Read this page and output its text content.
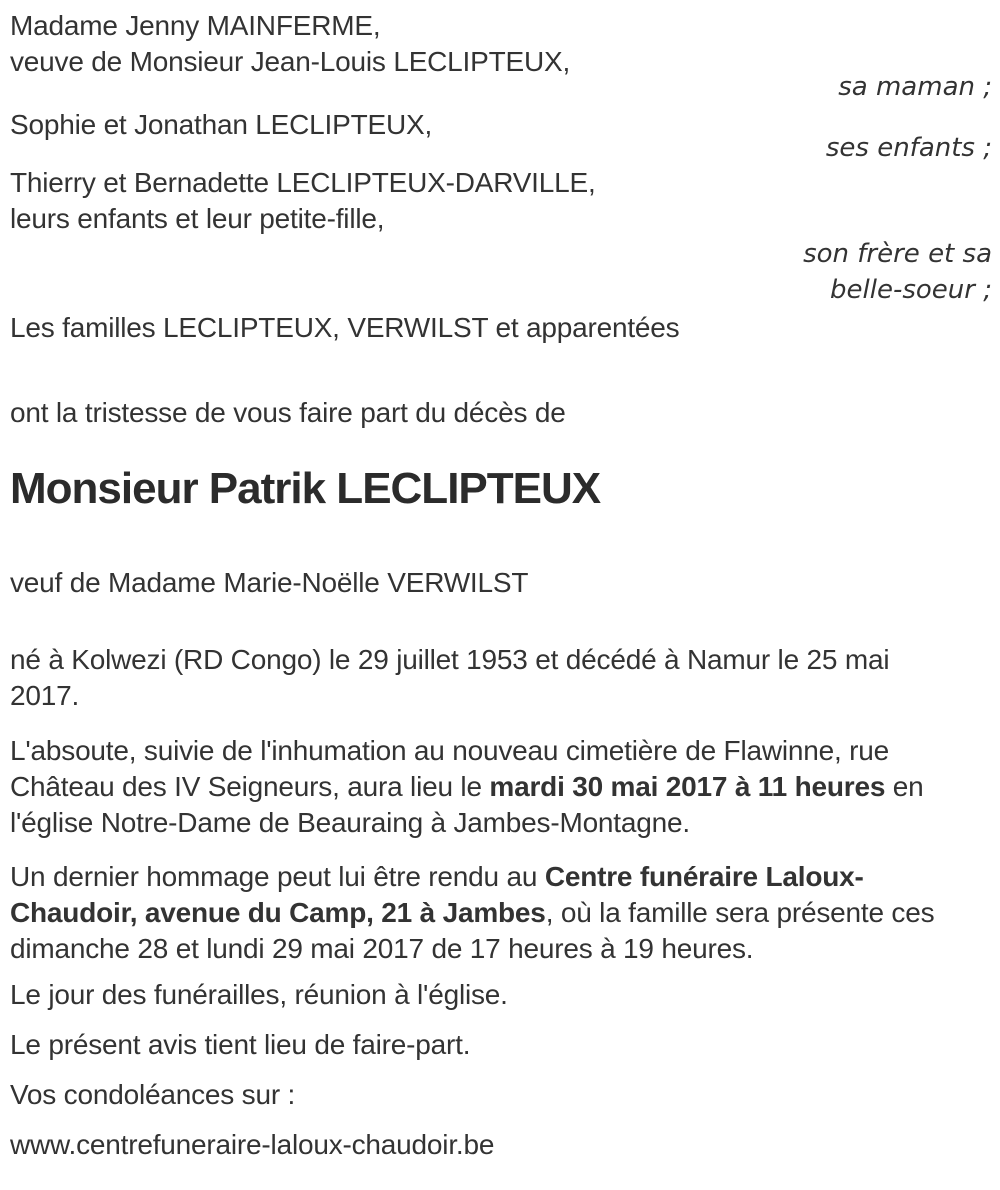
Madame Jenny MAINFERME,
veuve de Monsieur Jean-Louis LECLIPTEUX,
sa maman ;
Sophie et Jonathan LECLIPTEUX,
ses enfants ;
Thierry et Bernadette LECLIPTEUX-DARVILLE,
leurs enfants et leur petite-fille,
son frère et sa
belle-soeur ;
Les familles LECLIPTEUX, VERWILST et apparentées
ont la tristesse de vous faire part du décès de
Monsieur Patrik LECLIPTEUX
veuf de Madame Marie-Noëlle VERWILST
né à Kolwezi (RD Congo) le 29 juillet 1953 et décédé à Namur le 25 mai
2017.
L'absoute, suivie de l'inhumation au nouveau cimetière de Flawinne, rue
Château des IV Seigneurs, aura lieu le mardi 30 mai 2017 à 11 heures en
l'église Notre-Dame de Beauraing à Jambes-Montagne.
Un dernier hommage peut lui être rendu au Centre funéraire Laloux-
Chaudoir, avenue du Camp, 21 à Jambes, où la famille sera présente ces
dimanche 28 et lundi 29 mai 2017 de 17 heures à 19 heures.
Le jour des funérailles, réunion à l'église.
Le présent avis tient lieu de faire-part.
Vos condoléances sur :
www.centrefuneraire-laloux-chaudoir.be
